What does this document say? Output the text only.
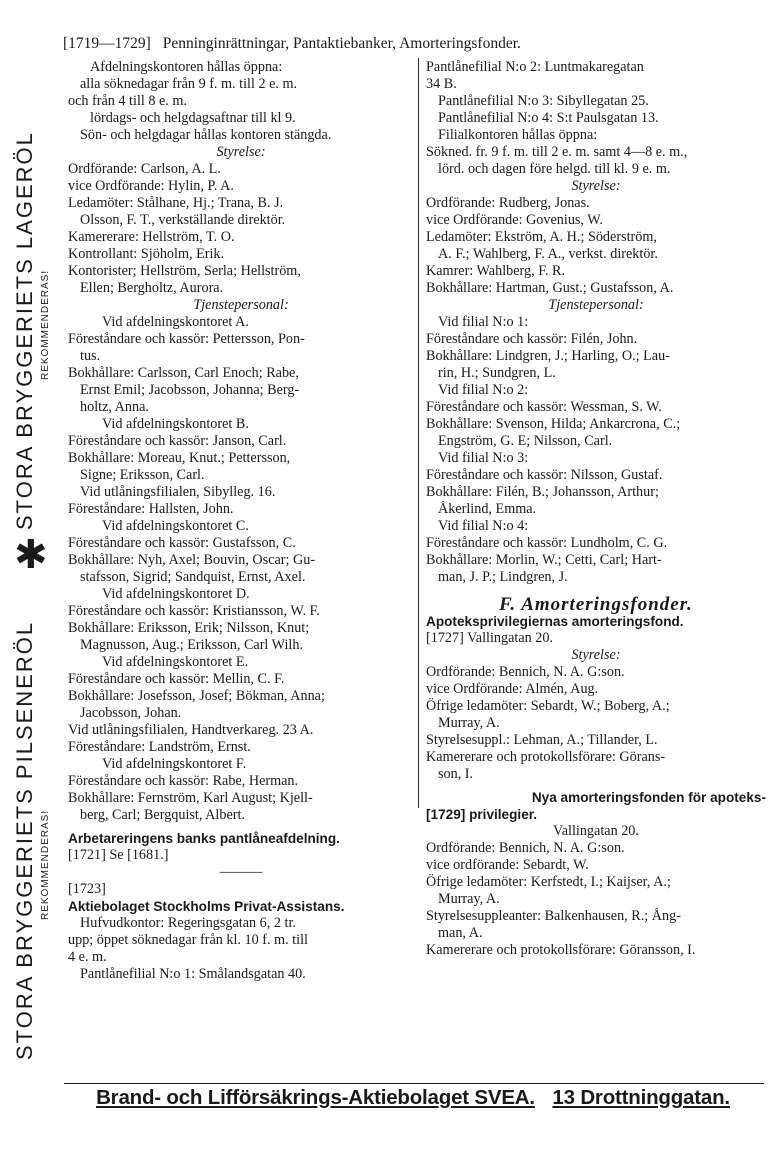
[1719—1729] Penninginrättningar, Pantaktiebanker, Amorteringsfonder.
Afdelningskontoren hållas öppna:
alla söknedagar från 9 f. m. till 2 e. m.
och från 4 till 8 e. m.
lördags- och helgdagsaftnar till kl 9.
Sön- och helgdagar hållas kontoren stängda.
Styrelse:
Ordförande: Carlson, A. L.
vice Ordförande: Hylin, P. A.
Ledamöter: Stålhane, Hj.; Trana, B. J.
Olsson, F. T., verkställande direktör.
Kamererare: Hellström, T. O.
Kontrollant: Sjöholm, Erik.
Kontorister; Hellström, Serla; Hellström,
Ellen; Bergholtz, Aurora.
Tjenstepersonal:
Vid afdelningskontoret A.
Föreståndare och kassör: Pettersson, Pon-
tus.
Bokhållare: Carlsson, Carl Enoch; Rabe,
Ernst Emil; Jacobsson, Johanna; Berg-
holtz, Anna.
Vid afdelningskontoret B.
Föreståndare och kassör: Janson, Carl.
Bokhållare: Moreau, Knut.; Pettersson,
Signe; Eriksson, Carl.
Vid utlåningsfilialen, Sibylleg. 16.
Föreståndare: Hallsten, John.
Vid afdelningskontoret C.
Föreståndare och kassör: Gustafsson, C.
Bokhållare: Nyh, Axel; Bouvin, Oscar; Gu-
stafsson, Sigrid; Sandquist, Ernst, Axel.
Vid afdelningskontoret D.
Föreståndare och kassör: Kristiansson, W. F.
Bokhållare: Eriksson, Erik; Nilsson, Knut;
Magnusson, Aug.; Eriksson, Carl Wilh.
Vid afdelningskontoret E.
Föreståndare och kassör: Mellin, C. F.
Bokhållare: Josefsson, Josef; Bökman, Anna;
Jacobsson, Johan.
Vid utlåningsfilialen, Handtverkareg. 23 A.
Föreståndare: Landström, Ernst.
Vid afdelningskontoret F.
Föreståndare och kassör: Rabe, Herman.
Bokhållare: Fernström, Karl August; Kjell-
berg, Carl; Bergquist, Albert.
Arbetareringens banks pantlåneafdelning.
[1721] Se [1681.]
———
[1723]
Aktiebolaget Stockholms Privat-Assistans.
Hufvudkontor: Regeringsgatan 6, 2 tr.
upp; öppet söknedagar från kl. 10 f. m. till
4 e. m.
Pantlånefilial N:o 1: Smålandsgatan 40.
Pantlånefilial N:o 2: Luntmakaregatan
34 B.
Pantlånefilial N:o 3: Sibyllegatan 25.
Pantlånefilial N:o 4: S:t Paulsgatan 13.
Filialkontoren hållas öppna:
Sökned. fr. 9 f. m. till 2 e. m. samt 4—8 e. m.,
lörd. och dagen före helgd. till kl. 9 e. m.
Styrelse:
Ordförande: Rudberg, Jonas.
vice Ordförande: Govenius, W.
Ledamöter: Ekström, A. H.; Söderström,
A. F.; Wahlberg, F. A., verkst. direktör.
Kamrer: Wahlberg, F. R.
Bokhållare: Hartman, Gust.; Gustafsson, A.
Tjenstepersonal:
Vid filial N:o 1:
Föreståndare och kassör: Filén, John.
Bokhållare: Lindgren, J.; Harling, O.; Lau-
rin, H.; Sundgren, L.
Vid filial N:o 2:
Föreståndare och kassör: Wessman, S. W.
Bokhållare: Svenson, Hilda; Ankarcrona, C.;
Engström, G. E; Nilsson, Carl.
Vid filial N:o 3:
Föreståndare och kassör: Nilsson, Gustaf.
Bokhållare: Filén, B.; Johansson, Arthur;
Åkerlind, Emma.
Vid filial N:o 4:
Föreståndare och kassör: Lundholm, C. G.
Bokhållare: Morlin, W.; Cetti, Carl; Hart-
man, J. P.; Lindgren, J.
F. Amorteringsfonder.
Apoteksprivilegiernas amorteringsfond.
[1727] Vallingatan 20.
Styrelse:
Ordförande: Bennich, N. A. G:son.
vice Ordförande: Almén, Aug.
Öfrige ledamöter: Sebardt, W.; Boberg, A.;
Murray, A.
Styrelsesuppl.: Lehman, A.; Tillander, L.
Kamererare och protokollsförare: Görans-
son, I.
Nya amorteringsfonden för apoteks-
[1729] privilegier.
Vallingatan 20.
Ordförande: Bennich, N. A. G:son.
vice ordförande: Sebardt, W.
Öfrige ledamöter: Kerfstedt, I.; Kaijser, A.;
Murray, A.
Styrelsesuppleanter: Balkenhausen, R.; Ång-
man, A.
Kamererare och protokollsförare: Göransson, I.
STORA BRYGGERIETS LAGERÖL REKOMMENDERAS!
✱
STORA BRYGGERIETS PILSENERÖL REKOMMENDERAS!
Brand- och Lifförsäkrings-Aktiebolaget SVEA. 13 Drottninggatan.
